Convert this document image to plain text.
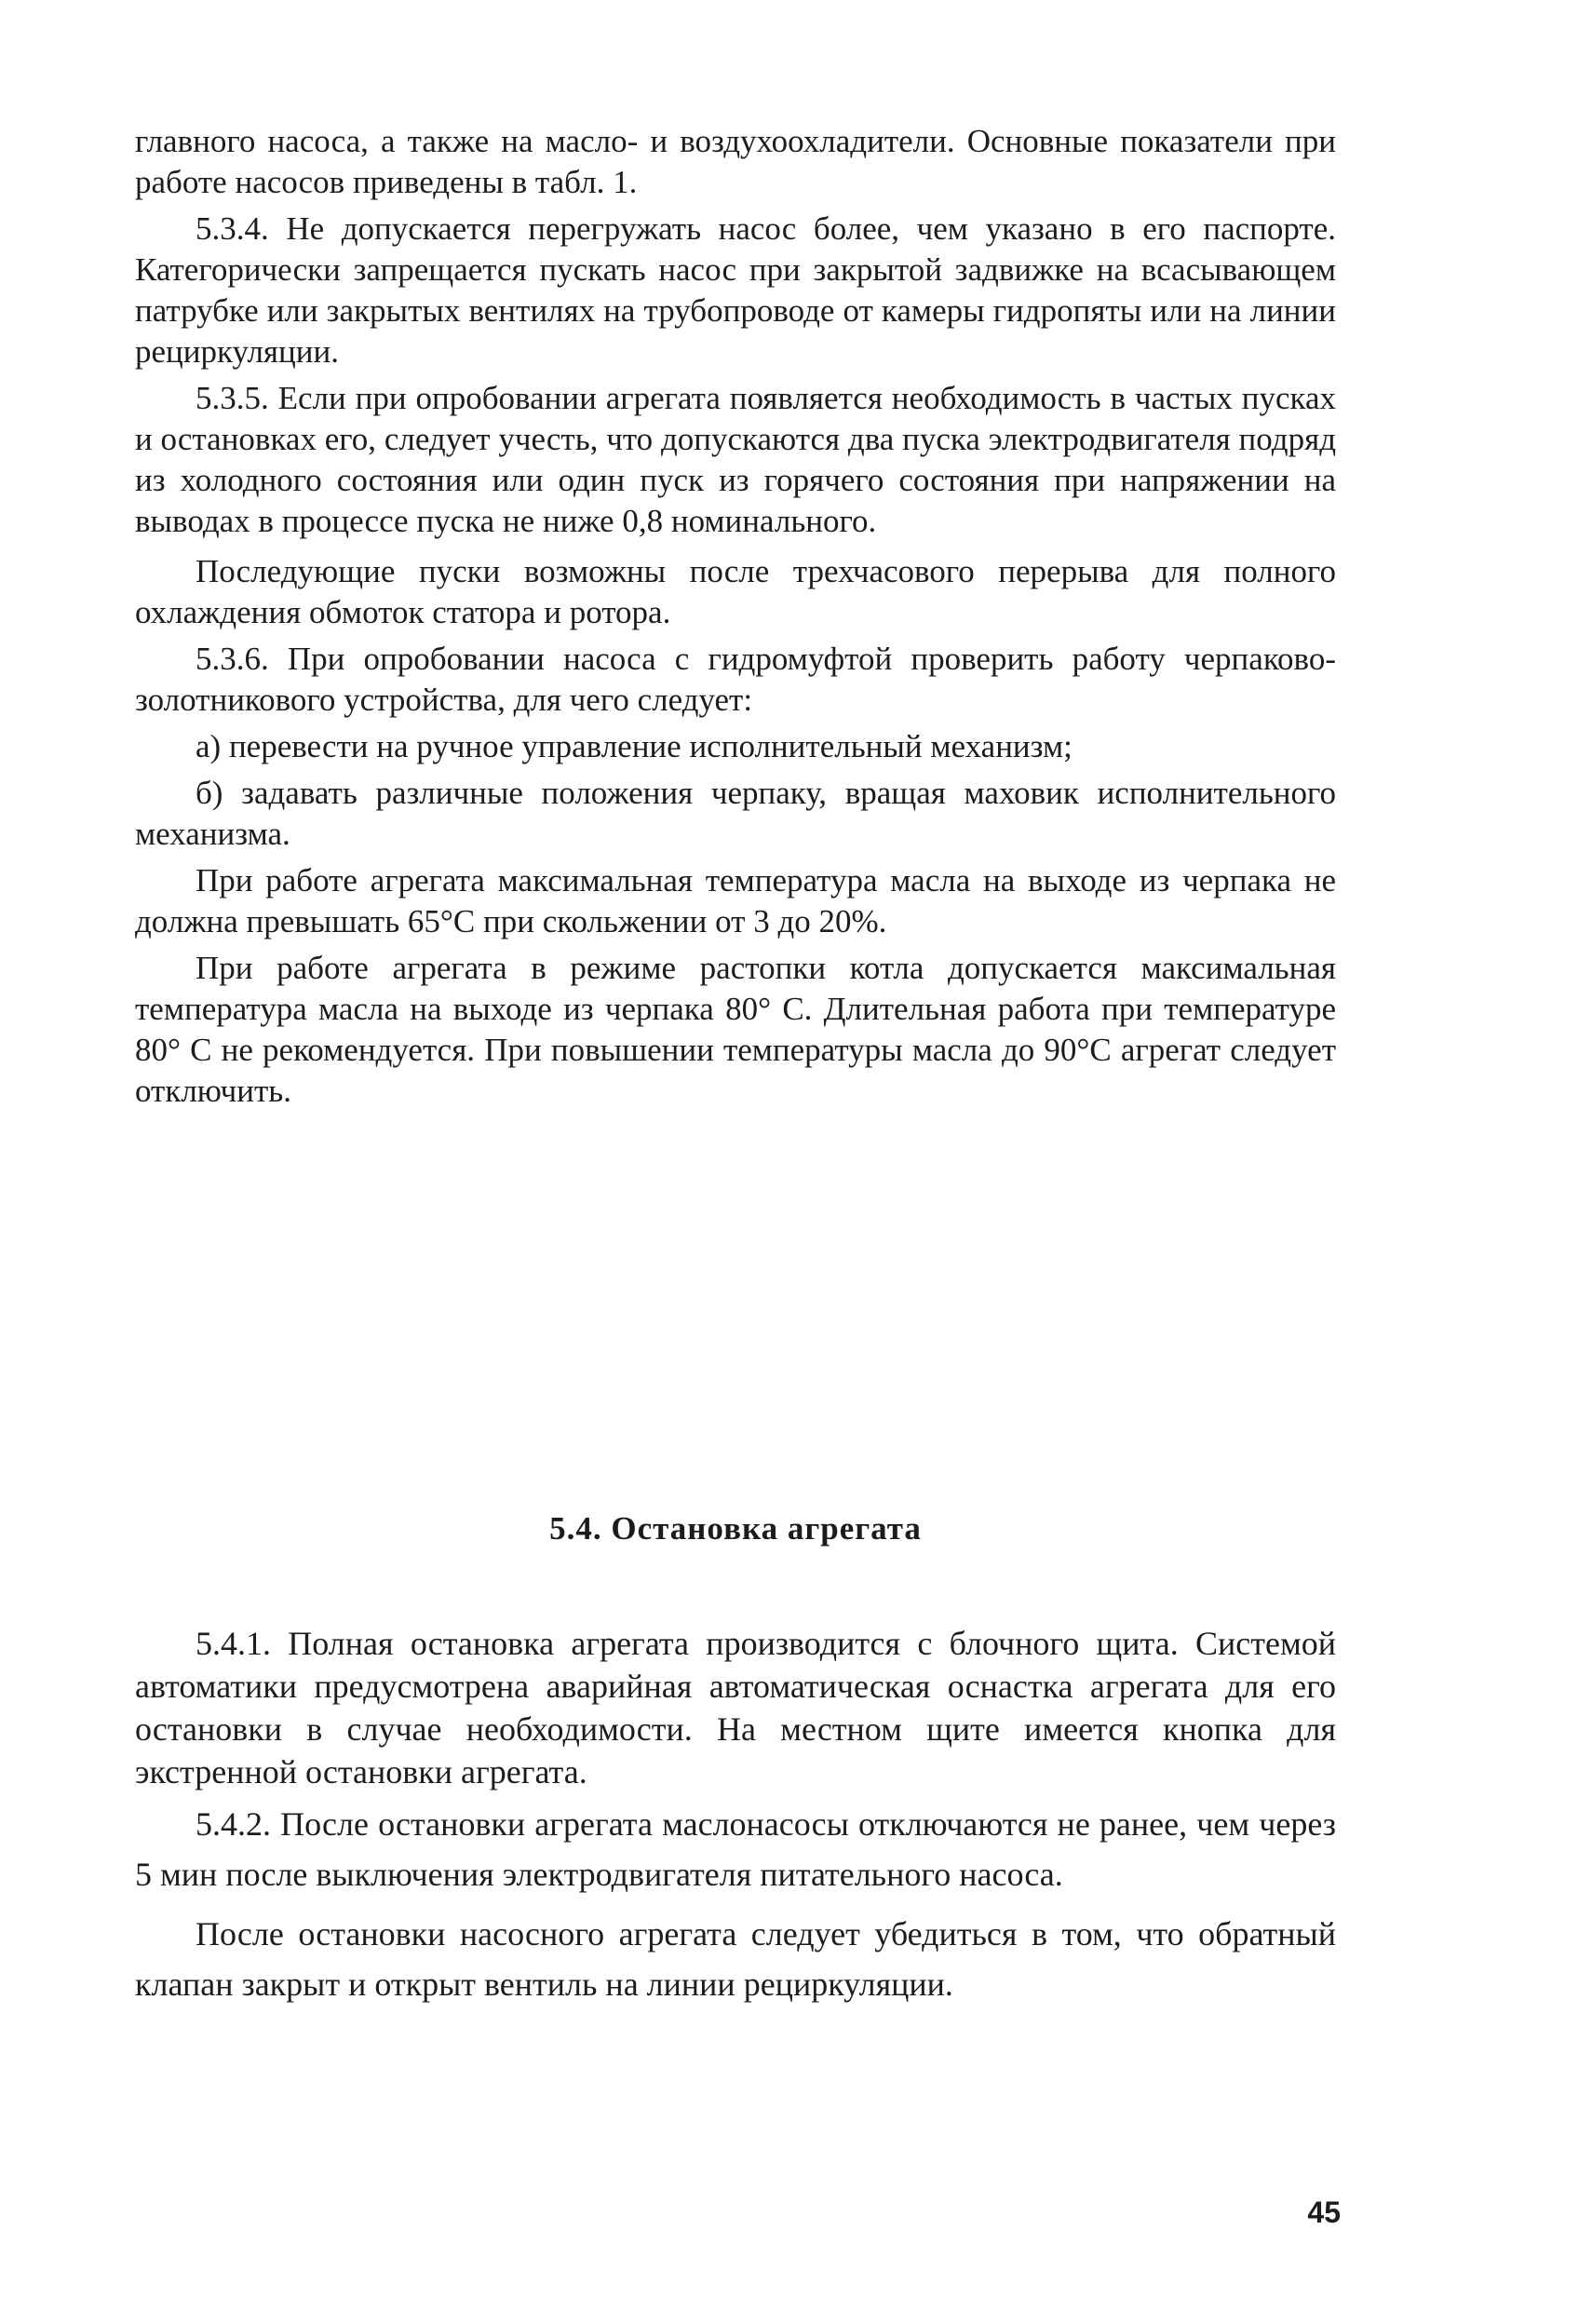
главного насоса, а также на масло- и воздухоохладители. Основные показатели при работе насосов приведены в табл. 1.

5.3.4. Не допускается перегружать насос более, чем указано в его паспорте. Категорически запрещается пускать насос при закрытой задвижке на всасывающем патрубке или закрытых вентилях на трубопроводе от камеры гидропяты или на линии рециркуляции.

5.3.5. Если при опробовании агрегата появляется необходимость в частых пусках и остановках его, следует учесть, что допускаются два пуска электродвигателя подряд из холодного состояния или один пуск из горячего состояния при напряжении на выводах в процессе пуска не ниже 0,8 номинального.

Последующие пуски возможны после трехчасового перерыва для полного охлаждения обмоток статора и ротора.

5.3.6. При опробовании насоса с гидромуфтой проверить работу черпаково-золотникового устройства, для чего следует:

а) перевести на ручное управление исполнительный механизм;

б) задавать различные положения черпаку, вращая маховик исполнительного механизма.

При работе агрегата максимальная температура масла на выходе из черпака не должна превышать 65°С при скольжении от 3 до 20%.

При работе агрегата в режиме растопки котла допускается максимальная температура масла на выходе из черпака 80° С. Длительная работа при температуре 80° С не рекомендуется. При повышении температуры масла до 90°С агрегат следует отключить.

5.4. Остановка агрегата

5.4.1. Полная остановка агрегата производится с блочного щита. Системой автоматики предусмотрена аварийная автоматическая оснастка агрегата для его остановки в случае необходимости. На местном щите имеется кнопка для экстренной остановки агрегата.

5.4.2. После остановки агрегата маслонасосы отключаются не ранее, чем через 5 мин после выключения электродвигателя питательного насоса.

После остановки насосного агрегата следует убедиться в том, что обратный клапан закрыт и открыт вентиль на линии рециркуляции.

45
